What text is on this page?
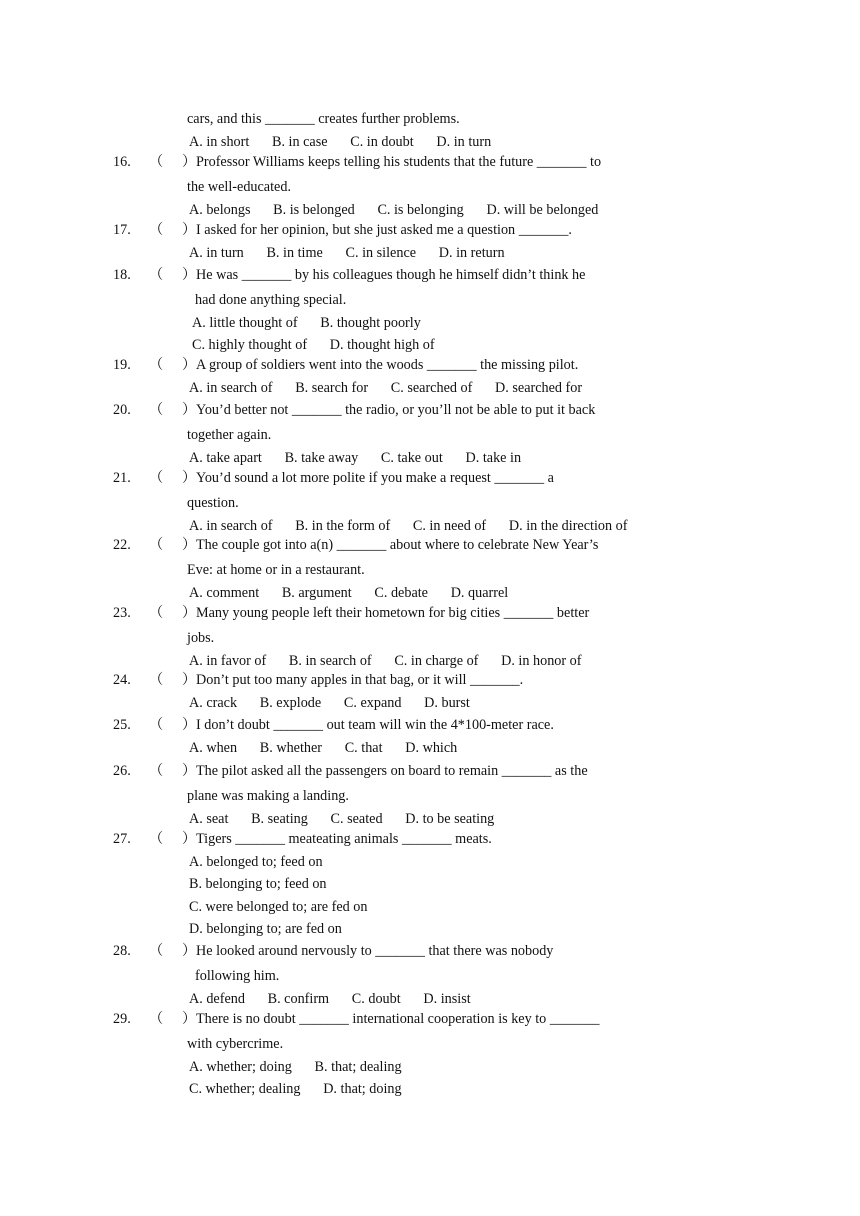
cars, and this _______ creates further problems.
A. in short B. in case C. in doubt D. in turn
16. （ ） Professor Williams keeps telling his students that the future _______ to
the well-educated.
A. belongs B. is belonged C. is belonging D. will be belonged
17. （ ） I asked for her opinion, but she just asked me a question _______.
A. in turn B. in time C. in silence D. in return
18. （ ） He was _______ by his colleagues though he himself didn’t think he
had done anything special.
A. little thought of B. thought poorly
C. highly thought of D. thought high of
19. （ ） A group of soldiers went into the woods _______ the missing pilot.
A. in search of B. search for C. searched of D. searched for
20. （ ） You’d better not _______ the radio, or you’ll not be able to put it back
together again.
A. take apart B. take away C. take out D. take in
21. （ ） You’d sound a lot more polite if you make a request _______ a
question.
A. in search of B. in the form of C. in need of D. in the direction of
22. （ ） The couple got into a(n) _______ about where to celebrate New Year’s
Eve: at home or in a restaurant.
A. comment B. argument C. debate D. quarrel
23. （ ） Many young people left their hometown for big cities _______ better
jobs.
A. in favor of B. in search of C. in charge of D. in honor of
24. （ ） Don’t put too many apples in that bag, or it will _______.
A. crack B. explode C. expand D. burst
25. （ ） I don’t doubt _______ out team will win the 4*100-meter race.
A. when B. whether C. that D. which
26. （ ） The pilot asked all the passengers on board to remain _______ as the
plane was making a landing.
A. seat B. seating C. seated D. to be seating
27. （ ） Tigers _______ meateating animals _______ meats.
A. belonged to; feed on
B. belonging to; feed on
C. were belonged to; are fed on
D. belonging to; are fed on
28. （ ） He looked around nervously to _______ that there was nobody
following him.
A. defend B. confirm C. doubt D. insist
29. （ ） There is no doubt _______ international cooperation is key to _______
with cybercrime.
A. whether; doing B. that; dealing
C. whether; dealing D. that; doing
